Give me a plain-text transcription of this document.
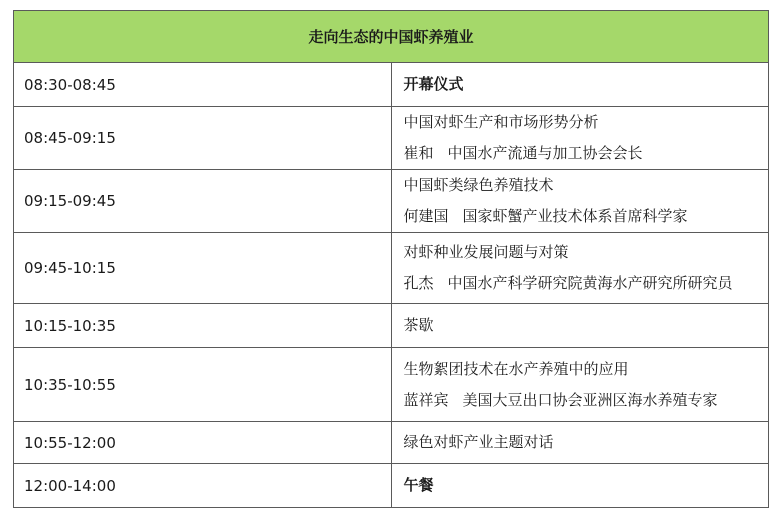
走向生态的中国虾养殖业	
08:30-08:45	开幕仪式

08:45-09:15	中国对虾生产和市场形势分析
崔和 中国水产流通与加工协会会长

09:15-09:45	中国虾类绿色养殖技术
何建国 国家虾蟹产业技术体系首席科学家

09:45-10:15	对虾种业发展问题与对策
孔杰 中国水产科学研究院黄海水产研究所研究员

10:15-10:35	茶歇

10:35-10:55	生物絮团技术在水产养殖中的应用
蓝祥宾 美国大豆出口协会亚洲区海水养殖专家

10:55-12:00	绿色对虾产业主题对话

12:00-14:00	午餐
